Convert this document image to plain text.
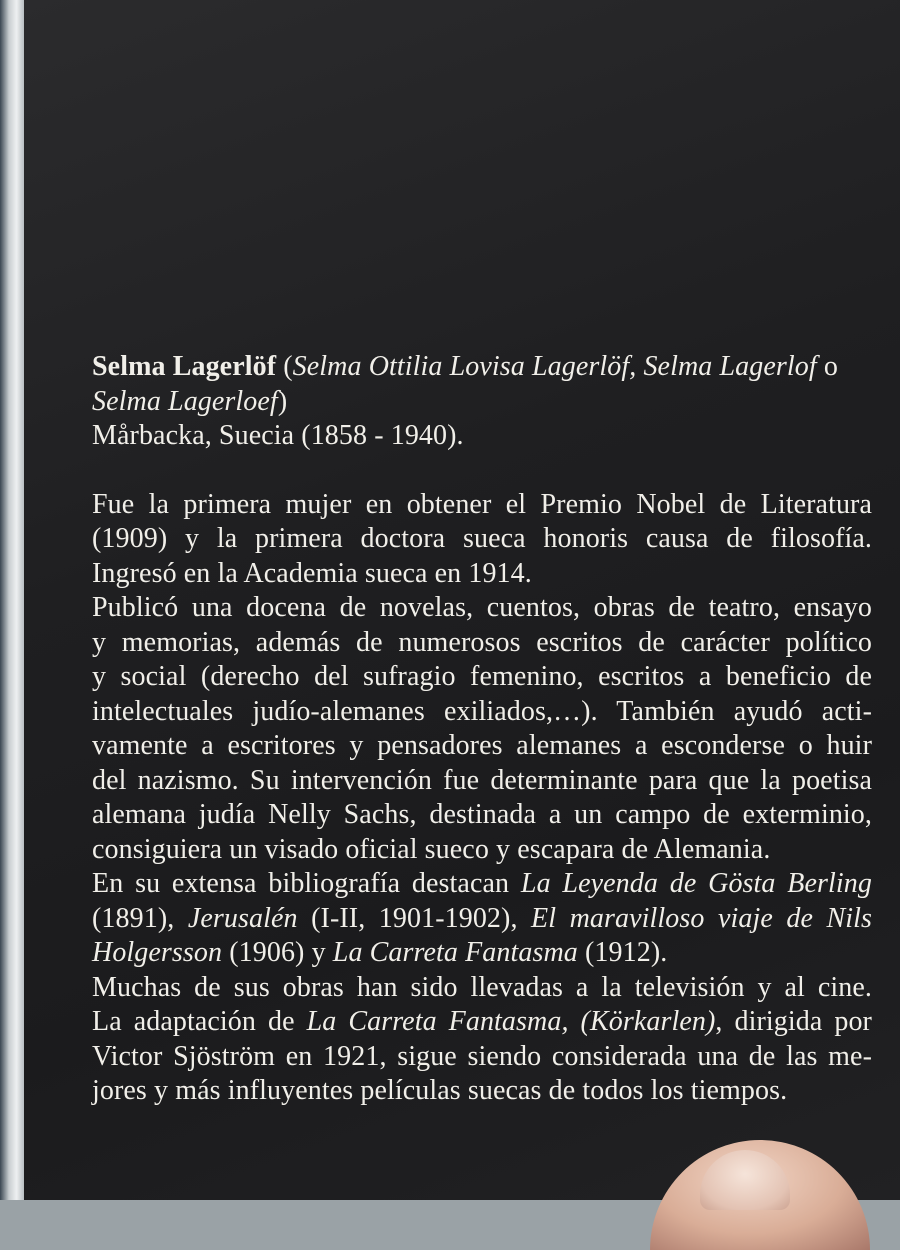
Selma Lagerlöf (Selma Ottilia Lovisa Lagerlöf, Selma Lagerlof o
Selma Lagerloef)
Mårbacka, Suecia (1858 - 1940).
Fue la primera mujer en obtener el Premio Nobel de Literatura
(1909) y la primera doctora sueca honoris causa de filosofía.
Ingresó en la Academia sueca en 1914.
Publicó una docena de novelas, cuentos, obras de teatro, ensayo
y memorias, además de numerosos escritos de carácter político
y social (derecho del sufragio femenino, escritos a beneficio de
intelectuales judío-alemanes exiliados,…). También ayudó acti-
vamente a escritores y pensadores alemanes a esconderse o huir
del nazismo. Su intervención fue determinante para que la poetisa
alemana judía Nelly Sachs, destinada a un campo de exterminio,
consiguiera un visado oficial sueco y escapara de Alemania.
En su extensa bibliografía destacan La Leyenda de Gösta Berling
(1891), Jerusalén (I-II, 1901-1902), El maravilloso viaje de Nils
Holgersson (1906) y La Carreta Fantasma (1912).
Muchas de sus obras han sido llevadas a la televisión y al cine.
La adaptación de La Carreta Fantasma, (Körkarlen), dirigida por
Victor Sjöström en 1921, sigue siendo considerada una de las me-
jores y más influyentes películas suecas de todos los tiempos.
